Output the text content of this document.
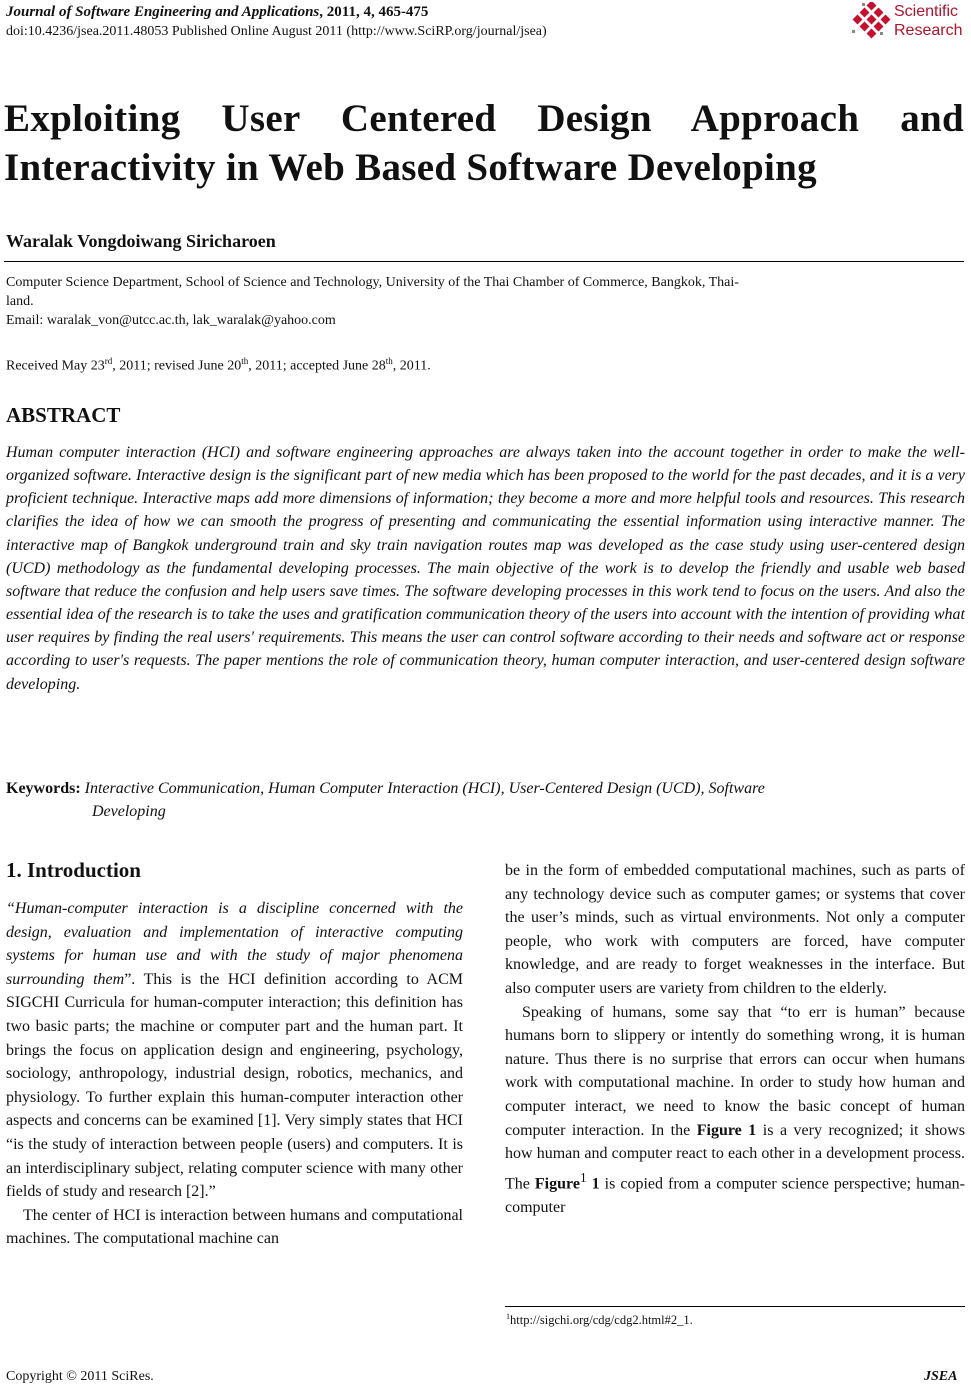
Journal of Software Engineering and Applications, 2011, 4, 465-475
doi:10.4236/jsea.2011.48053 Published Online August 2011 (http://www.SciRP.org/journal/jsea)
Scientific
Research
Exploiting User Centered Design Approach and
Interactivity in Web Based Software Developing
Waralak Vongdoiwang Siricharoen
Computer Science Department, School of Science and Technology, University of the Thai Chamber of Commerce, Bangkok, Thai-
land.
Email: waralak_von@utcc.ac.th, lak_waralak@yahoo.com
Received May 23rd, 2011; revised June 20th, 2011; accepted June 28th, 2011.
ABSTRACT
Human computer interaction (HCI) and software engineering approaches are always taken into the account together in order to make the well-organized software. Interactive design is the significant part of new media which has been proposed to the world for the past decades, and it is a very proficient technique. Interactive maps add more dimensions of information; they become a more and more helpful tools and resources. This research clarifies the idea of how we can smooth the progress of presenting and communicating the essential information using interactive manner. The interactive map of Bangkok underground train and sky train navigation routes map was developed as the case study using user-centered design (UCD) methodology as the fundamental developing processes. The main objective of the work is to develop the friendly and usable web based software that reduce the confusion and help users save times. The software developing processes in this work tend to focus on the users. And also the essential idea of the research is to take the uses and gratification communication theory of the users into account with the intention of providing what user requires by finding the real users' requirements. This means the user can control software according to their needs and software act or response according to user's requests. The paper mentions the role of communication theory, human computer interaction, and user-centered design software developing.
Keywords: Interactive Communication, Human Computer Interaction (HCI), User-Centered Design (UCD), Software
Developing
1. Introduction

“Human-computer interaction is a discipline concerned with the design, evaluation and implementation of interactive computing systems for human use and with the study of major phenomena surrounding them”. This is the HCI definition according to ACM SIGCHI Curricula for human-computer interaction; this definition has two basic parts; the machine or computer part and the human part. It brings the focus on application design and engineering, psychology, sociology, anthropology, industrial design, robotics, mechanics, and physiology. To further explain this human-computer interaction other aspects and concerns can be examined [1]. Very simply states that HCI “is the study of interaction between people (users) and computers. It is an interdisciplinary subject, relating computer science with many other fields of study and research [2].”

The center of HCI is interaction between humans and computational machines. The computational machine can

be in the form of embedded computational machines, such as parts of any technology device such as computer games; or systems that cover the user’s minds, such as virtual environments. Not only a computer people, who work with computers are forced, have computer knowledge, and are ready to forget weaknesses in the interface. But also computer users are variety from children to the elderly.

Speaking of humans, some say that “to err is human” because humans born to slippery or intently do something wrong, it is human nature. Thus there is no surprise that errors can occur when humans work with computational machine. In order to study how human and computer interact, we need to know the basic concept of human computer interaction. In the Figure 1 is a very recognized; it shows how human and computer react to each other in a development process. The Figure$^1$ 1 is copied from a computer science perspective; human-computer

$^1$http://sigchi.org/cdg/cdg2.html#2_1.
Copyright © 2011 SciRes.	JSEA
